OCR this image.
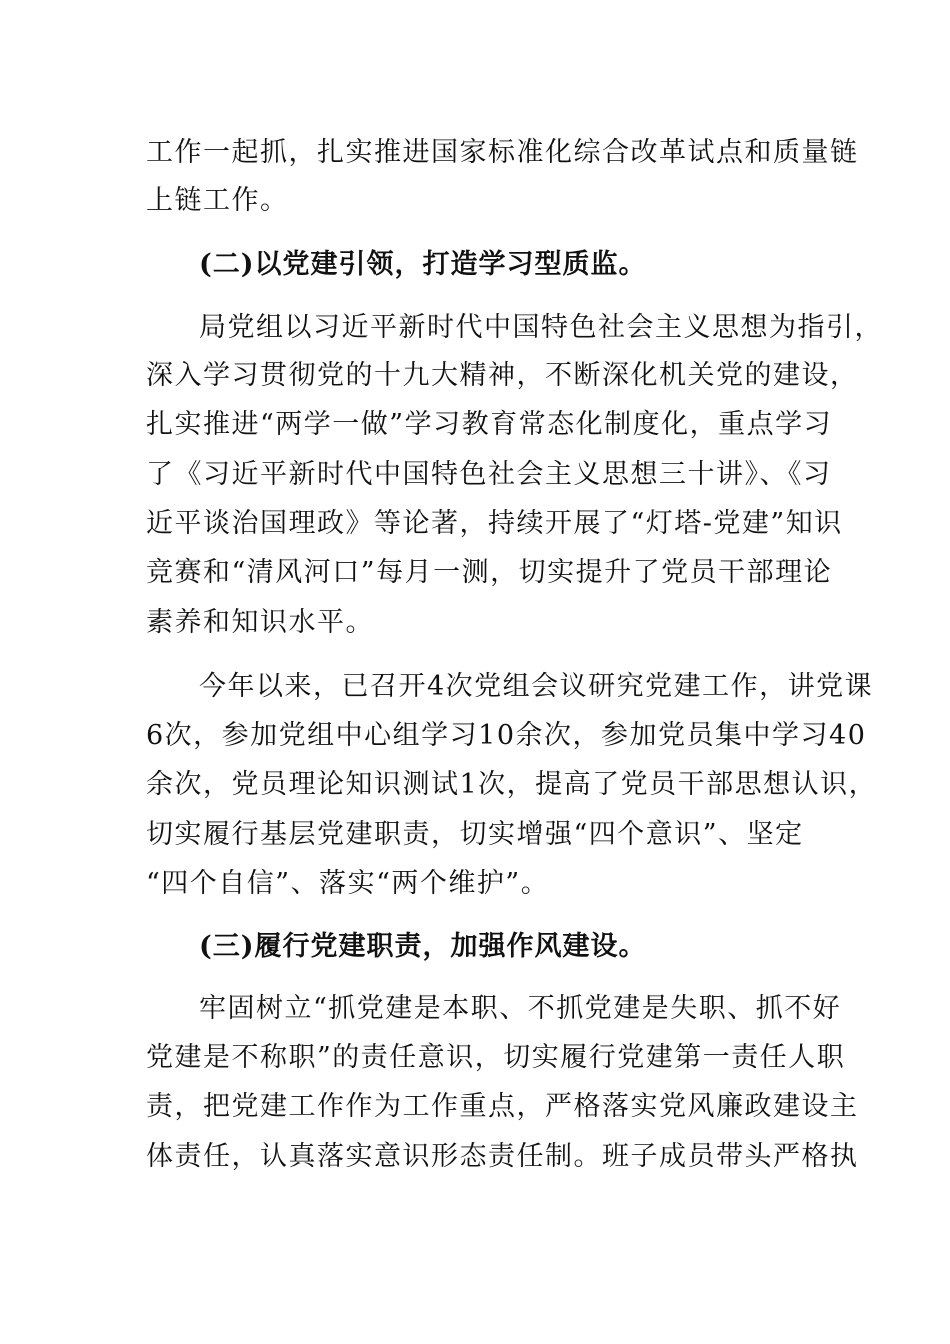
工作一起抓，扎实推进国家标准化综合改革试点和质量链
上链工作。
(二)以党建引领，打造学习型质监。
局党组以习近平新时代中国特色社会主义思想为指引，
深入学习贯彻党的十九大精神，不断深化机关党的建设，
扎实推进“两学一做”学习教育常态化制度化，重点学习
了《习近平新时代中国特色社会主义思想三十讲》、《习
近平谈治国理政》等论著，持续开展了“灯塔-党建”知识
竞赛和“清风河口”每月一测，切实提升了党员干部理论
素养和知识水平。
今年以来，已召开4次党组会议研究党建工作，讲党课
6次，参加党组中心组学习10余次，参加党员集中学习40
余次，党员理论知识测试1次，提高了党员干部思想认识，
切实履行基层党建职责，切实增强“四个意识”、坚定
“四个自信”、落实“两个维护”。
(三)履行党建职责，加强作风建设。
牢固树立“抓党建是本职、不抓党建是失职、抓不好
党建是不称职”的责任意识，切实履行党建第一责任人职
责，把党建工作作为工作重点，严格落实党风廉政建设主
体责任，认真落实意识形态责任制。班子成员带头严格执
